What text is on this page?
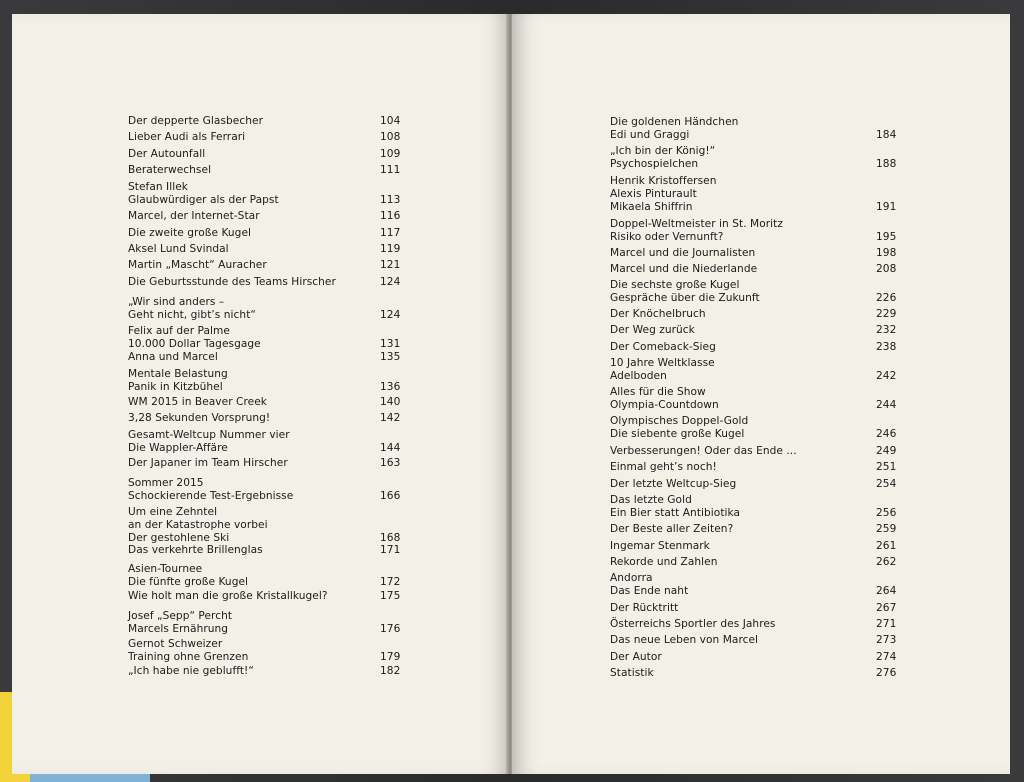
Der depperte Glasbecher	104
Lieber Audi als Ferrari	108
Der Autounfall	109
Beraterwechsel	111
Stefan Illek
Glaubwürdiger als der Papst	113
Marcel, der Internet-Star	116
Die zweite große Kugel	117
Aksel Lund Svindal	119
Martin „Mascht“ Auracher	121
Die Geburtsstunde des Teams Hirscher	124
„Wir sind anders –
Geht nicht, gibt’s nicht“	124
Felix auf der Palme
10.000 Dollar Tagesgage	131
Anna und Marcel	135
Mentale Belastung
Panik in Kitzbühel	136
WM 2015 in Beaver Creek	140
3,28 Sekunden Vorsprung!	142
Gesamt-Weltcup Nummer vier
Die Wappler-Affäre	144
Der Japaner im Team Hirscher	163
Sommer 2015
Schockierende Test-Ergebnisse	166
Um eine Zehntel
an der Katastrophe vorbei
Der gestohlene Ski	168
Das verkehrte Brillenglas	171
Asien-Tournee
Die fünfte große Kugel	172
Wie holt man die große Kristallkugel?	175
Josef „Sepp“ Percht
Marcels Ernährung	176
Gernot Schweizer
Training ohne Grenzen	179
„Ich habe nie geblufft!“	182
Die goldenen Händchen
Edi und Graggi	184
„Ich bin der König!“
Psychospielchen	188
Henrik Kristoffersen
Alexis Pinturault
Mikaela Shiffrin	191
Doppel-Weltmeister in St. Moritz
Risiko oder Vernunft?	195
Marcel und die Journalisten	198
Marcel und die Niederlande	208
Die sechste große Kugel
Gespräche über die Zukunft	226
Der Knöchelbruch	229
Der Weg zurück	232
Der Comeback-Sieg	238
10 Jahre Weltklasse
Adelboden	242
Alles für die Show
Olympia-Countdown	244
Olympisches Doppel-Gold
Die siebente große Kugel	246
Verbesserungen! Oder das Ende ...	249
Einmal geht’s noch!	251
Der letzte Weltcup-Sieg	254
Das letzte Gold
Ein Bier statt Antibiotika	256
Der Beste aller Zeiten?	259
Ingemar Stenmark	261
Rekorde und Zahlen	262
Andorra
Das Ende naht	264
Der Rücktritt	267
Österreichs Sportler des Jahres	271
Das neue Leben von Marcel	273
Der Autor	274
Statistik	276
